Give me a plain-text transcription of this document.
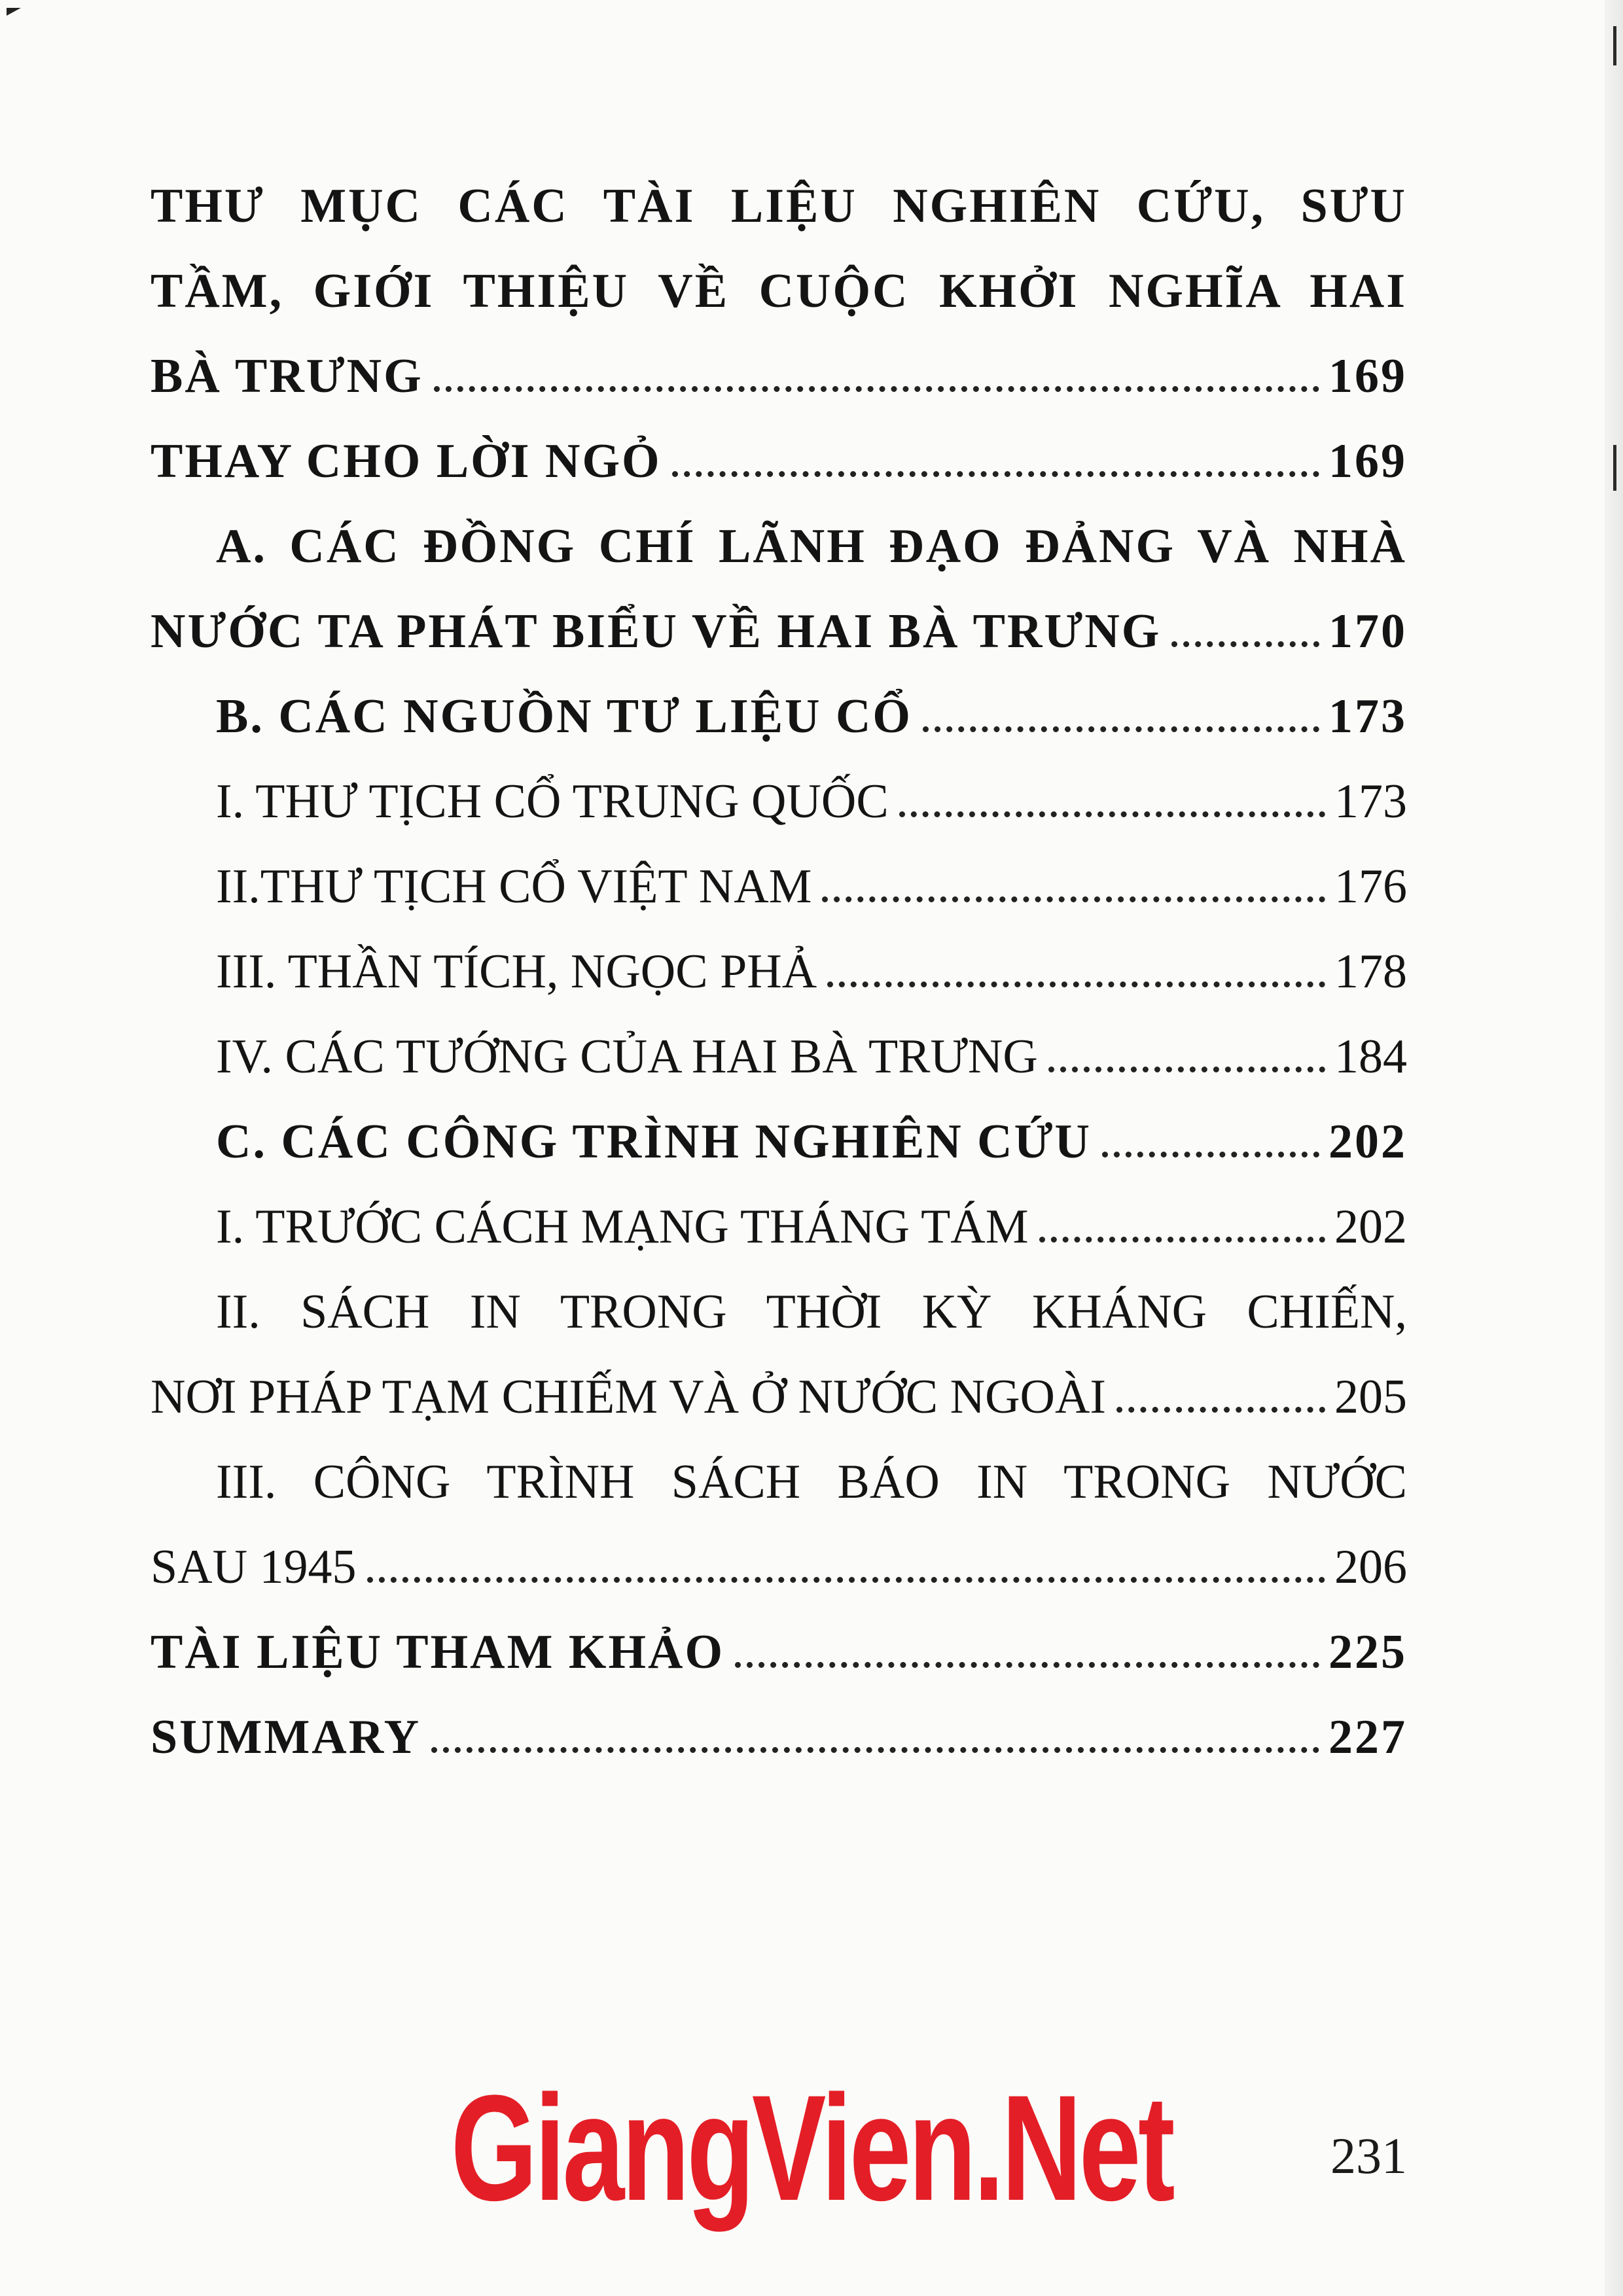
THƯ MỤC CÁC TÀI LIỆU NGHIÊN CỨU, SƯU
TẦM, GIỚI THIỆU VỀ CUỘC KHỞI NGHĨA HAI
BÀ TRƯNG	169
THAY CHO LỜI NGỎ	169
A. CÁC ĐỒNG CHÍ LÃNH ĐẠO ĐẢNG VÀ NHÀ
NƯỚC TA PHÁT BIỂU VỀ HAI BÀ TRƯNG	170
B. CÁC NGUỒN TƯ LIỆU CỔ	173
I. THƯ TỊCH CỔ TRUNG QUỐC	173
II.THƯ TỊCH CỔ VIỆT NAM	176
III. THẦN TÍCH, NGỌC PHẢ	178
IV. CÁC TƯỚNG CỦA HAI BÀ TRƯNG	184
C. CÁC CÔNG TRÌNH NGHIÊN CỨU	202
I. TRƯỚC CÁCH MẠNG THÁNG TÁM	202
II. SÁCH IN TRONG THỜI KỲ KHÁNG CHIẾN,
NƠI PHÁP TẠM CHIẾM VÀ Ở NƯỚC NGOÀI	205
III. CÔNG TRÌNH SÁCH BÁO IN TRONG NƯỚC
SAU 1945	206
TÀI LIỆU THAM KHẢO	225
SUMMARY	227
GiangVien.Net	231
